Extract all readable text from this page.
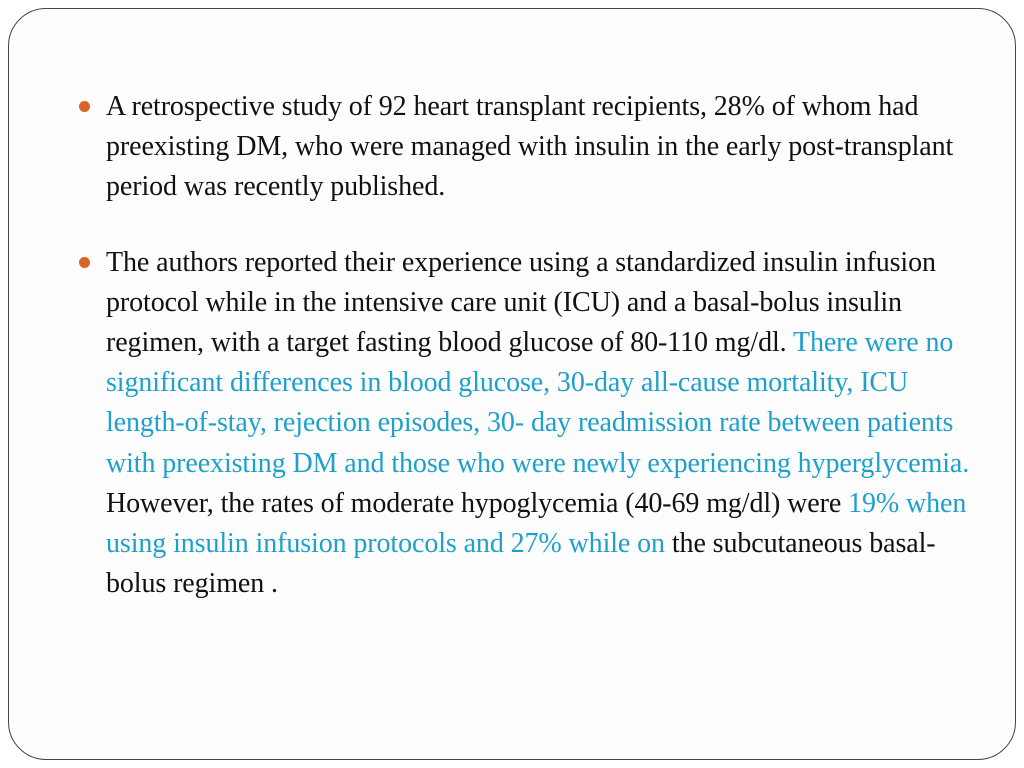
A retrospective study of 92 heart transplant recipients, 28% of whom had preexisting DM, who were managed with insulin in the early post-transplant period was recently published.
The authors reported their experience using a standardized insulin infusion protocol while in the intensive care unit (ICU) and a basal-bolus insulin regimen, with a target fasting blood glucose of 80-110 mg/dl. There were no significant differences in blood glucose, 30-day all-cause mortality, ICU length-of-stay, rejection episodes, 30- day readmission rate between patients with preexisting DM and those who were newly experiencing hyperglycemia. However, the rates of moderate hypoglycemia (40-69 mg/dl) were 19% when using insulin infusion protocols and 27% while on the subcutaneous basal-bolus regimen .
